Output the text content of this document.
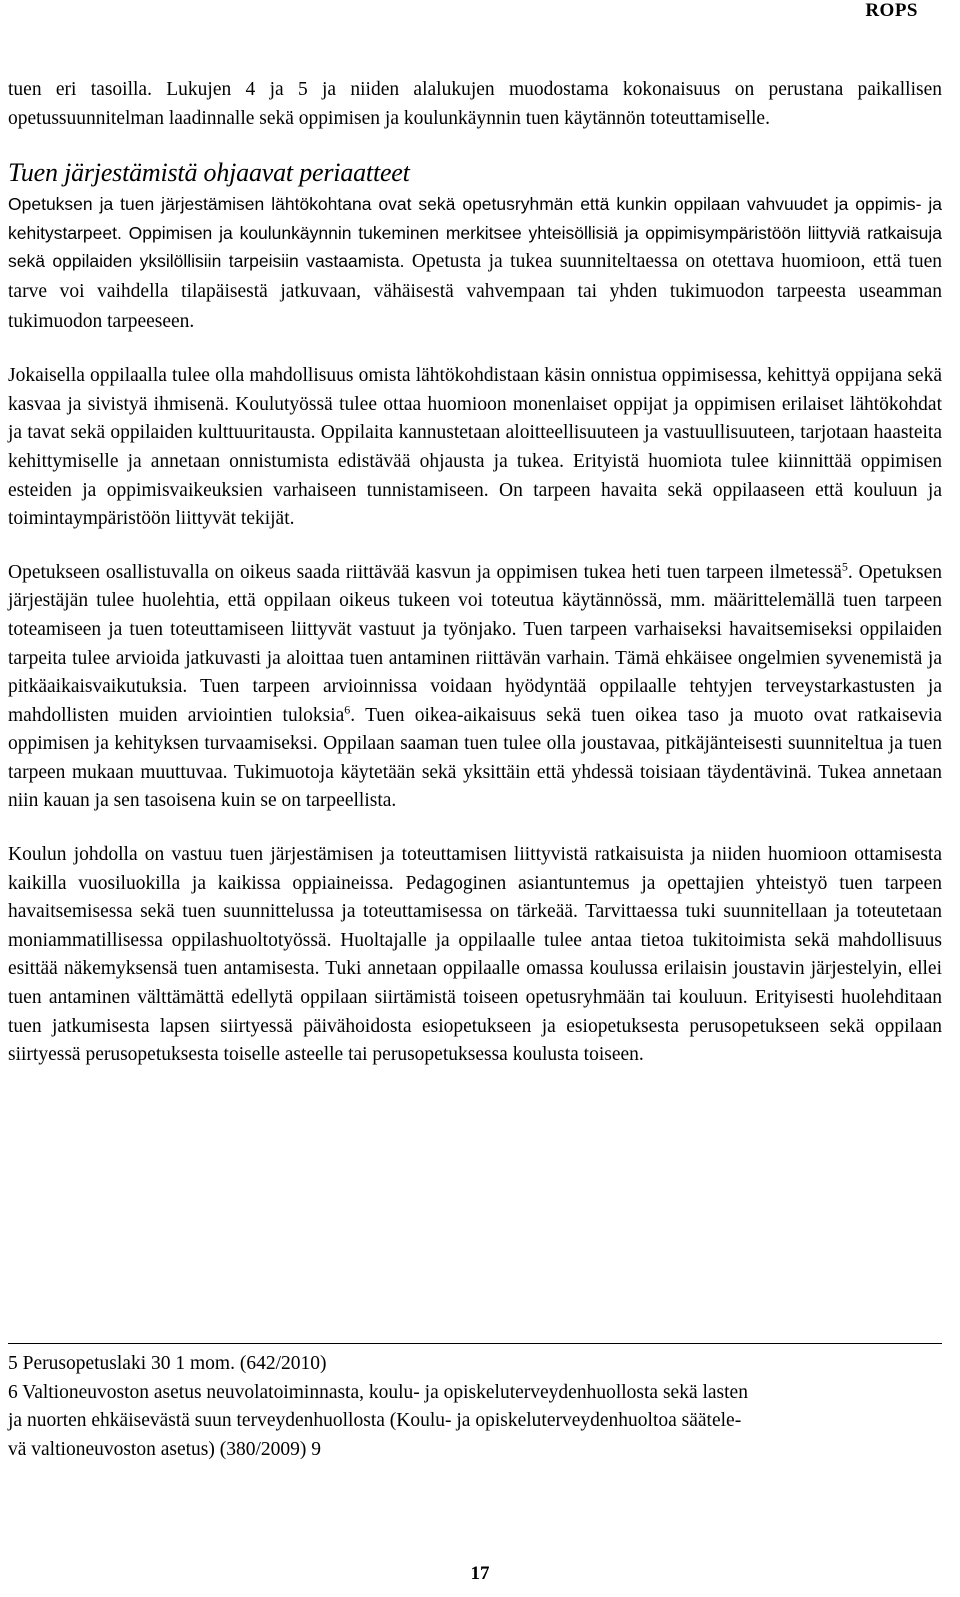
ROPS

tuen eri tasoilla. Lukujen 4 ja 5 ja niiden alalukujen muodostama kokonaisuus on perustana paikallisen opetussuunnitelman laadinnalle sekä oppimisen ja koulunkäynnin tuen käytännön toteuttamiselle.

Tuen järjestämistä ohjaavat periaatteet

Opetuksen ja tuen järjestämisen lähtökohtana ovat sekä opetusryhmän että kunkin oppilaan vahvuudet ja oppimis- ja kehitystarpeet. Oppimisen ja koulunkäynnin tukeminen merkitsee yhteisöllisiä ja oppimisympäristöön liittyviä ratkaisuja sekä oppilaiden yksilöllisiin tarpeisiin vastaamista. Opetusta ja tukea suunniteltaessa on otettava huomioon, että tuen tarve voi vaihdella tilapäisestä jatkuvaan, vähäisestä vahvempaan tai yhden tukimuodon tarpeesta useamman tukimuodon tarpeeseen.

Jokaisella oppilaalla tulee olla mahdollisuus omista lähtökohdistaan käsin onnistua oppimisessa, kehittyä oppijana sekä kasvaa ja sivistyä ihmisenä. Koulutyössä tulee ottaa huomioon monenlaiset oppijat ja oppimisen erilaiset lähtökohdat ja tavat sekä oppilaiden kulttuuritausta. Oppilaita kannustetaan aloitteellisuuteen ja vastuullisuuteen, tarjotaan haasteita kehittymiselle ja annetaan onnistumista edistävää ohjausta ja tukea. Erityistä huomiota tulee kiinnittää oppimisen esteiden ja oppimisvaikeuksien varhaiseen tunnistamiseen. On tarpeen havaita sekä oppilaaseen että kouluun ja toimintaympäristöön liittyvät tekijät.

Opetukseen osallistuvalla on oikeus saada riittävää kasvun ja oppimisen tukea heti tuen tarpeen ilmetessä$^5$. Opetuksen järjestäjän tulee huolehtia, että oppilaan oikeus tukeen voi toteutua käytännössä, mm. määrittelemällä tuen tarpeen toteamiseen ja tuen toteuttamiseen liittyvät vastuut ja työnjako. Tuen tarpeen varhaiseksi havaitsemiseksi oppilaiden tarpeita tulee arvioida jatkuvasti ja aloittaa tuen antaminen riittävän varhain. Tämä ehkäisee ongelmien syvenemistä ja pitkäaikaisvaikutuksia. Tuen tarpeen arvioinnissa voidaan hyödyntää oppilaalle tehtyjen terveystarkastusten ja mahdollisten muiden arviointien tuloksia$^6$. Tuen oikea-aikaisuus sekä tuen oikea taso ja muoto ovat ratkaisevia oppimisen ja kehityksen turvaamiseksi. Oppilaan saaman tuen tulee olla joustavaa, pitkäjänteisesti suunniteltua ja tuen tarpeen mukaan muuttuvaa. Tukimuotoja käytetään sekä yksittäin että yhdessä toisiaan täydentävinä. Tukea annetaan niin kauan ja sen tasoisena kuin se on tarpeellista.

Koulun johdolla on vastuu tuen järjestämisen ja toteuttamisen liittyvistä ratkaisuista ja niiden huomioon ottamisesta kaikilla vuosiluokilla ja kaikissa oppiaineissa. Pedagoginen asiantuntemus ja opettajien yhteistyö tuen tarpeen havaitsemisessa sekä tuen suunnittelussa ja toteuttamisessa on tärkeää. Tarvittaessa tuki suunnitellaan ja toteutetaan moniammatillisessa oppilashuoltotyössä. Huoltajalle ja oppilaalle tulee antaa tietoa tukitoimista sekä mahdollisuus esittää näkemyksensä tuen antamisesta. Tuki annetaan oppilaalle omassa koulussa erilaisin joustavin järjestelyin, ellei tuen antaminen välttämättä edellytä oppilaan siirtämistä toiseen opetusryhmään tai kouluun. Erityisesti huolehditaan tuen jatkumisesta lapsen siirtyessä päivähoidosta esiopetukseen ja esiopetuksesta perusopetukseen sekä oppilaan siirtyessä perusopetuksesta toiselle asteelle tai perusopetuksessa koulusta toiseen.

5 Perusopetuslaki 30 1 mom. (642/2010)

6 Valtioneuvoston asetus neuvolatoiminnasta, koulu- ja opiskeluterveydenhuollosta sekä lasten
ja nuorten ehkäisevästä suun terveydenhuollosta (Koulu- ja opiskeluterveydenhuoltoa säätele-
vä valtioneuvoston asetus) (380/2009) 9

17
